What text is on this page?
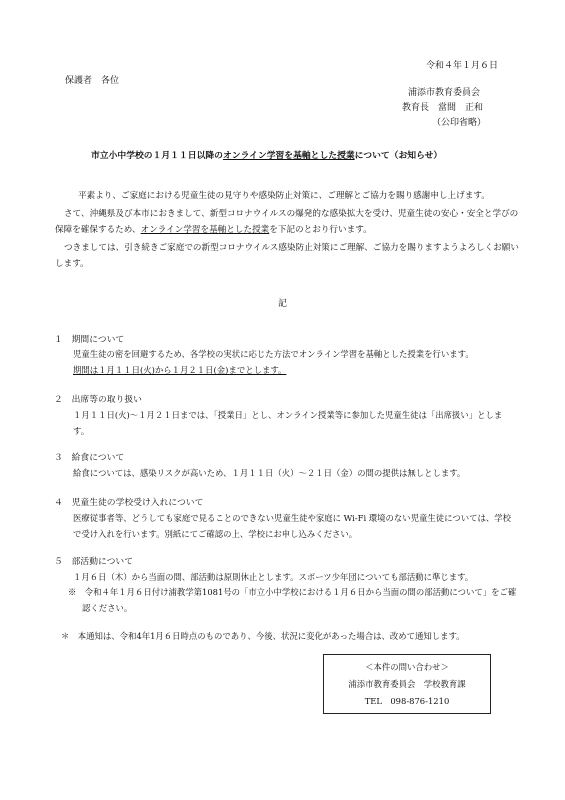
令和４年１月６日
保護者　各位
浦添市教育委員会
教育長　當間　正和
（公印省略）
市立小中学校の１月１１日以降のオンライン学習を基軸とした授業について（お知らせ）
平素より、ご家庭における児童生徒の見守りや感染防止対策に、ご理解とご協力を賜り感謝申し上げます。
さて、沖縄県及び本市におきまして、新型コロナウイルスの爆発的な感染拡大を受け、児童生徒の安心・安全と学びの保障を確保するため、オンライン学習を基軸とした授業を下記のとおり行います。
つきましては、引き続きご家庭での新型コロナウイルス感染防止対策にご理解、ご協力を賜りますようよろしくお願いします。
記
１　期間について
児童生徒の密を回避するため、各学校の実状に応じた方法でオンライン学習を基軸とした授業を行います。
期間は１月１１日(火)から１月２１日(金)までとします。
２　出席等の取り扱い
１月１１日(火)～１月２１日までは、「授業日」とし、オンライン授業等に参加した児童生徒は「出席扱い」とします。
３　給食について
給食については、感染リスクが高いため、１月１１日（火）～２１日（金）の間の提供は無しとします。
４　児童生徒の学校受け入れについて
医療従事者等、どうしても家庭で見ることのできない児童生徒や家庭に Wi-Fi 環境のない児童生徒については、学校で受け入れを行います。別紙にてご確認の上、学校にお申し込みください。
５　部活動について
１月６日（木）から当面の間、部活動は原則休止とします。スポーツ少年団についても部活動に準じます。
※　令和４年１月６日付け浦教学第1081号の「市立小中学校における１月６日から当面の間の部活動について」をご確認ください。
＊　本通知は、令和4年1月６日時点のものであり、今後、状況に変化があった場合は、改めて通知します。
＜本件の問い合わせ＞
浦添市教育委員会　学校教育課
TEL　098-876-1210
